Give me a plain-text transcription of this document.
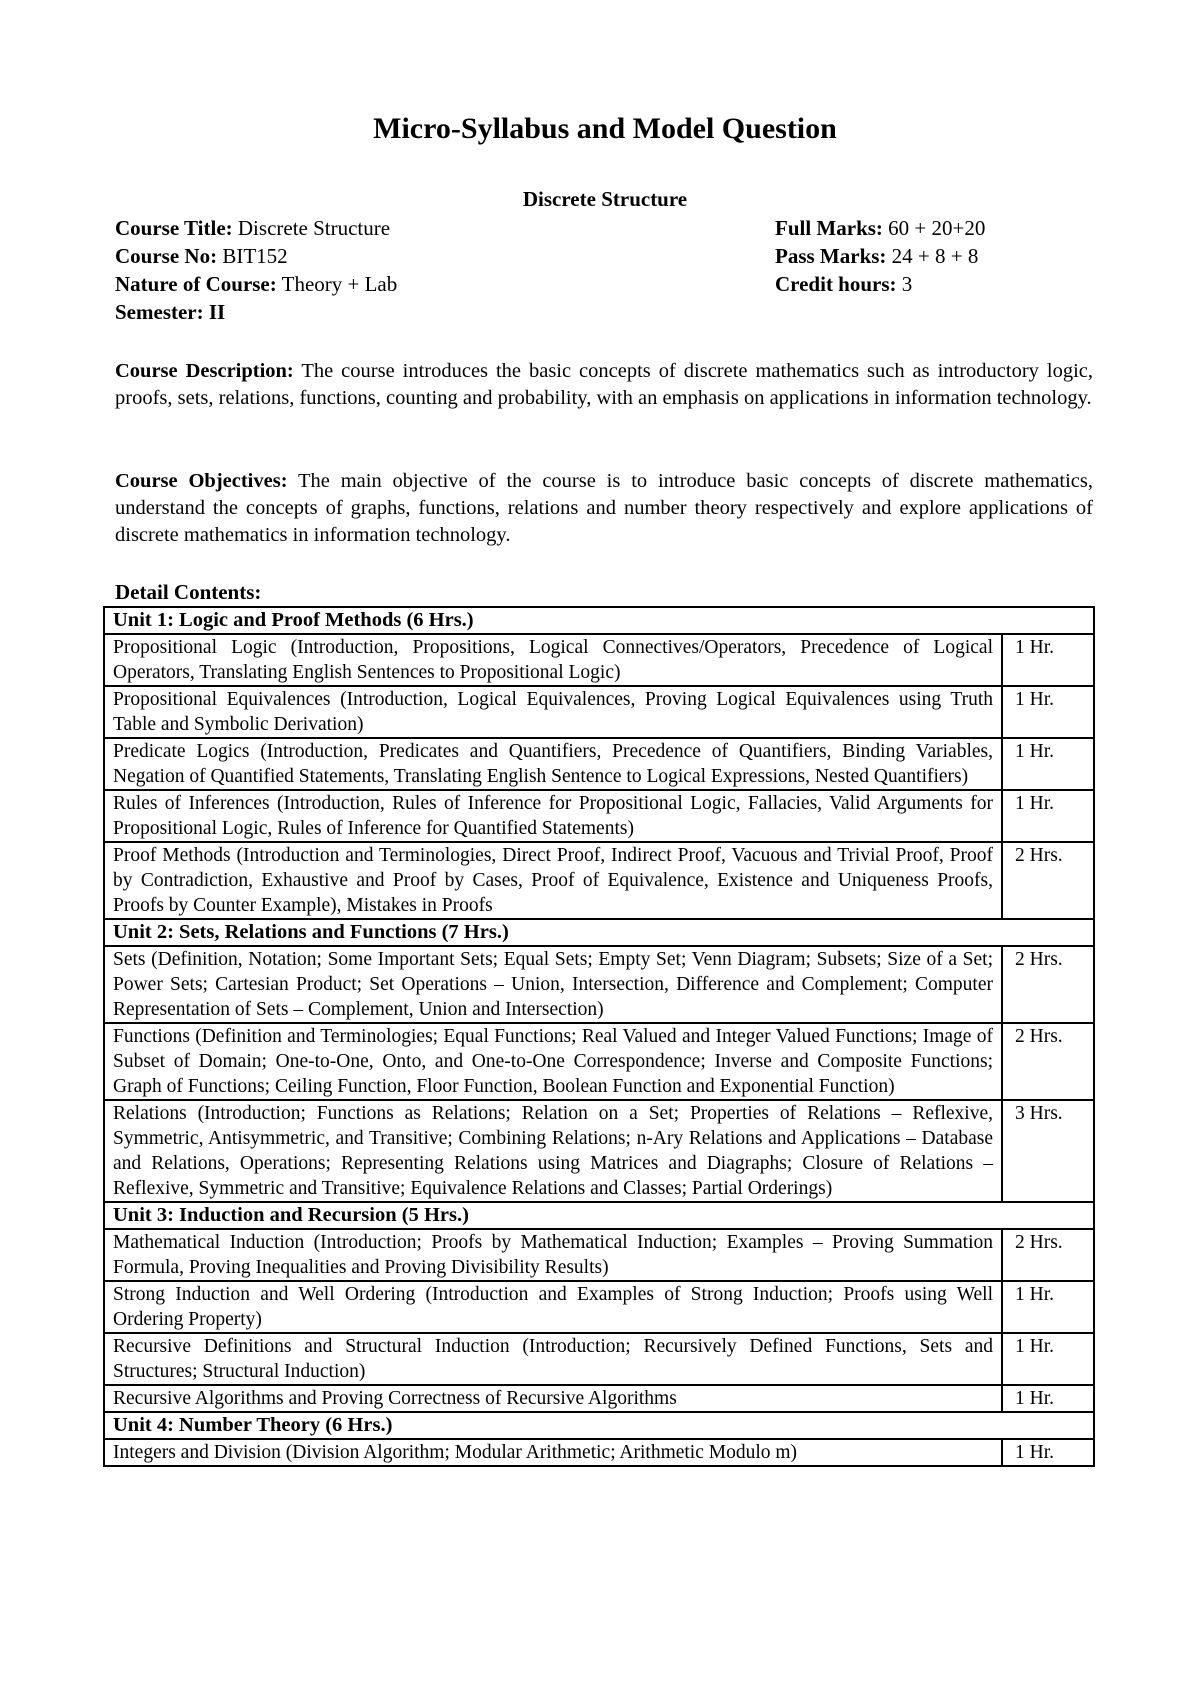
Micro-Syllabus and Model Question
Discrete Structure
Course Title: Discrete Structure
Course No: BIT152
Nature of Course: Theory + Lab
Semester: II
Full Marks: 60 + 20+20
Pass Marks: 24 + 8 + 8
Credit hours: 3
Course Description: The course introduces the basic concepts of discrete mathematics such as introductory logic, proofs, sets, relations, functions, counting and probability, with an emphasis on applications in information technology.
Course Objectives: The main objective of the course is to introduce basic concepts of discrete mathematics, understand the concepts of graphs, functions, relations and number theory respectively and explore applications of discrete mathematics in information technology.
Detail Contents:
Unit 1: Logic and Proof Methods (6 Hrs.)	
Propositional Logic (Introduction, Propositions, Logical Connectives/Operators, Precedence of Logical Operators, Translating English Sentences to Propositional Logic)	1 Hr.
Propositional Equivalences (Introduction, Logical Equivalences, Proving Logical Equivalences using Truth Table and Symbolic Derivation)	1 Hr.
Predicate Logics (Introduction, Predicates and Quantifiers, Precedence of Quantifiers, Binding Variables, Negation of Quantified Statements, Translating English Sentence to Logical Expressions, Nested Quantifiers)	1 Hr.
Rules of Inferences (Introduction, Rules of Inference for Propositional Logic, Fallacies, Valid Arguments for Propositional Logic, Rules of Inference for Quantified Statements)	1 Hr.
Proof Methods (Introduction and Terminologies, Direct Proof, Indirect Proof, Vacuous and Trivial Proof, Proof by Contradiction, Exhaustive and Proof by Cases, Proof of Equivalence, Existence and Uniqueness Proofs, Proofs by Counter Example), Mistakes in Proofs	2 Hrs.
Unit 2: Sets, Relations and Functions (7 Hrs.)	
Sets (Definition, Notation; Some Important Sets; Equal Sets; Empty Set; Venn Diagram; Subsets; Size of a Set; Power Sets; Cartesian Product; Set Operations – Union, Intersection, Difference and Complement; Computer Representation of Sets – Complement, Union and Intersection)	2 Hrs.
Functions (Definition and Terminologies; Equal Functions; Real Valued and Integer Valued Functions; Image of Subset of Domain; One-to-One, Onto, and One-to-One Correspondence; Inverse and Composite Functions; Graph of Functions; Ceiling Function, Floor Function, Boolean Function and Exponential Function)	2 Hrs.
Relations (Introduction; Functions as Relations; Relation on a Set; Properties of Relations – Reflexive, Symmetric, Antisymmetric, and Transitive; Combining Relations; n-Ary Relations and Applications – Database and Relations, Operations; Representing Relations using Matrices and Diagraphs; Closure of Relations – Reflexive, Symmetric and Transitive; Equivalence Relations and Classes; Partial Orderings)	3 Hrs.
Unit 3: Induction and Recursion (5 Hrs.)	
Mathematical Induction (Introduction; Proofs by Mathematical Induction; Examples – Proving Summation Formula, Proving Inequalities and Proving Divisibility Results)	2 Hrs.
Strong Induction and Well Ordering (Introduction and Examples of Strong Induction; Proofs using Well Ordering Property)	1 Hr.
Recursive Definitions and Structural Induction (Introduction; Recursively Defined Functions, Sets and Structures; Structural Induction)	1 Hr.
Recursive Algorithms and Proving Correctness of Recursive Algorithms	1 Hr.
Unit 4: Number Theory (6 Hrs.)	
Integers and Division (Division Algorithm; Modular Arithmetic; Arithmetic Modulo m)	1 Hr.
